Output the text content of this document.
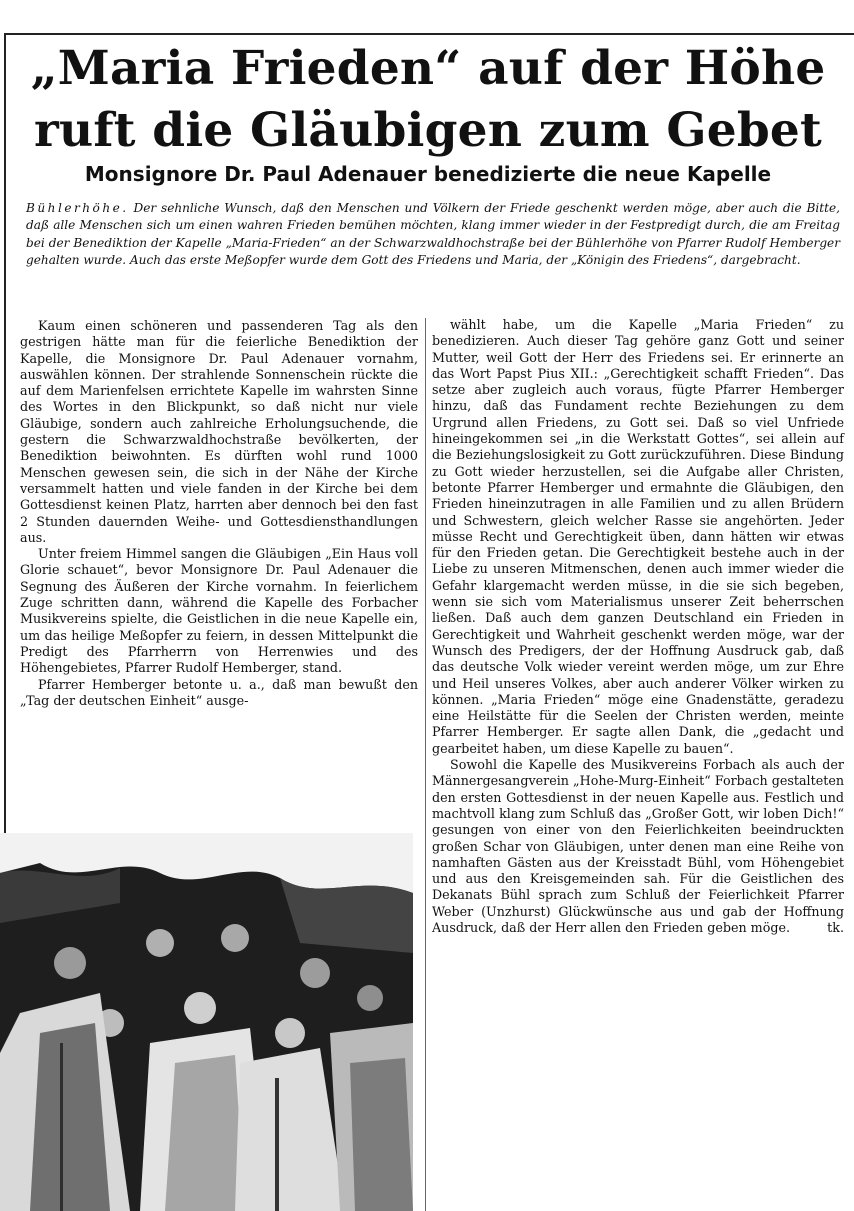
„Maria Frieden“ auf der Höhe
ruft die Gläubigen zum Gebet
Monsignore Dr. Paul Adenauer benedizierte die neue Kapelle

Bühlerhöhe. Der sehnliche Wunsch, daß den Menschen und Völkern der Friede geschenkt werden möge, aber auch die Bitte, daß alle Menschen sich um einen wahren Frieden bemühen möchten, klang immer wieder in der Festpredigt durch, die am Freitag bei der Benediktion der Kapelle „Maria-Frieden“ an der Schwarzwaldhochstraße bei der Bühlerhöhe von Pfarrer Rudolf Hemberger gehalten wurde. Auch das erste Meßopfer wurde dem Gott des Friedens und Maria, der „Königin des Friedens“, dargebracht.

Kaum einen schöneren und passenderen Tag als den gestrigen hätte man für die feierliche Benediktion der Kapelle, die Monsignore Dr. Paul Adenauer vornahm, auswählen können. Der strahlende Sonnenschein rückte die auf dem Marienfelsen errichtete Kapelle im wahrsten Sinne des Wortes in den Blickpunkt, so daß nicht nur viele Gläubige, sondern auch zahlreiche Erholungsuchende, die gestern die Schwarzwaldhochstraße bevölkerten, der Benediktion beiwohnten. Es dürften wohl rund 1000 Menschen gewesen sein, die sich in der Nähe der Kirche versammelt hatten und viele fanden in der Kirche bei dem Gottesdienst keinen Platz, harrten aber dennoch bei den fast 2 Stunden dauernden Weihe- und Gottesdiensthandlungen aus.

Unter freiem Himmel sangen die Gläubigen „Ein Haus voll Glorie schauet“, bevor Monsignore Dr. Paul Adenauer die Segnung des Äußeren der Kirche vornahm. In feierlichem Zuge schritten dann, während die Kapelle des Forbacher Musikvereins spielte, die Geistlichen in die neue Kapelle ein, um das heilige Meßopfer zu feiern, in dessen Mittelpunkt die Predigt des Pfarrherrn von Herrenwies und des Höhengebietes, Pfarrer Rudolf Hemberger, stand.

Pfarrer Hemberger betonte u. a., daß man bewußt den „Tag der deutschen Einheit“ ausge-

wählt habe, um die Kapelle „Maria Frieden“ zu benedizieren. Auch dieser Tag gehöre ganz Gott und seiner Mutter, weil Gott der Herr des Friedens sei. Er erinnerte an das Wort Papst Pius XII.: „Gerechtigkeit schafft Frieden“. Das setze aber zugleich auch voraus, fügte Pfarrer Hemberger hinzu, daß das Fundament rechte Beziehungen zu dem Urgrund allen Friedens, zu Gott sei. Daß so viel Unfriede hineingekommen sei „in die Werkstatt Gottes“, sei allein auf die Beziehungslosigkeit zu Gott zurückzuführen. Diese Bindung zu Gott wieder herzustellen, sei die Aufgabe aller Christen, betonte Pfarrer Hemberger und ermahnte die Gläubigen, den Frieden hineinzutragen in alle Familien und zu allen Brüdern und Schwestern, gleich welcher Rasse sie angehörten. Jeder müsse Recht und Gerechtigkeit üben, dann hätten wir etwas für den Frieden getan. Die Gerechtigkeit bestehe auch in der Liebe zu unseren Mitmenschen, denen auch immer wieder die Gefahr klargemacht werden müsse, in die sie sich begeben, wenn sie sich vom Materialismus unserer Zeit beherrschen ließen. Daß auch dem ganzen Deutschland ein Frieden in Gerechtigkeit und Wahrheit geschenkt werden möge, war der Wunsch des Predigers, der der Hoffnung Ausdruck gab, daß das deutsche Volk wieder vereint werden möge, um zur Ehre und Heil unseres Volkes, aber auch anderer Völker wirken zu können. „Maria Frieden“ möge eine Gnadenstätte, geradezu eine Heilstätte für die Seelen der Christen werden, meinte Pfarrer Hemberger. Er sagte allen Dank, die „gedacht und gearbeitet haben, um diese Kapelle zu bauen“.

Sowohl die Kapelle des Musikvereins Forbach als auch der Männergesangverein „Hohe-Murg-Einheit“ Forbach gestalteten den ersten Gottesdienst in der neuen Kapelle aus. Festlich und machtvoll klang zum Schluß das „Großer Gott, wir loben Dich!“ gesungen von einer von den Feierlichkeiten beeindruckten großen Schar von Gläubigen, unter denen man eine Reihe von namhaften Gästen aus der Kreisstadt Bühl, vom Höhengebiet und aus den Kreisgemeinden sah. Für die Geistlichen des Dekanats Bühl sprach zum Schluß der Feierlichkeit Pfarrer Weber (Unzhurst) Glückwünsche aus und gab der Hoffnung Ausdruck, daß der Herr allen den Frieden geben möge.	tk.
